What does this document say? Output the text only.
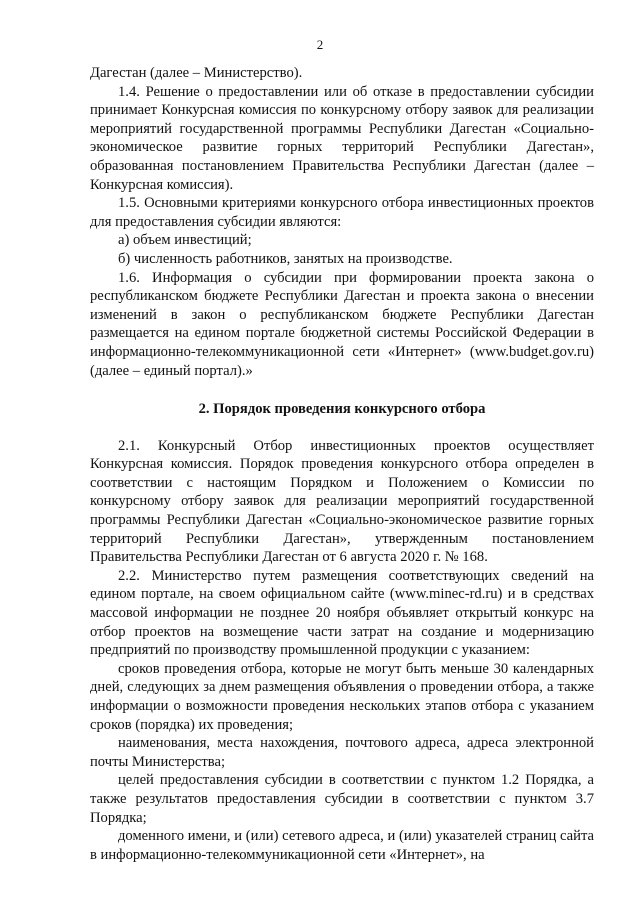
2

Дагестан (далее – Министерство).

1.4. Решение о предоставлении или об отказе в предоставлении субсидии принимает Конкурсная комиссия по конкурсному отбору заявок для реализации мероприятий государственной программы Республики Дагестан «Социально-экономическое развитие горных территорий Республики Дагестан», образованная постановлением Правительства Республики Дагестан (далее – Конкурсная комиссия).

1.5. Основными критериями конкурсного отбора инвестиционных проектов для предоставления субсидии являются:

а) объем инвестиций;

б) численность работников, занятых на производстве.

1.6. Информация о субсидии при формировании проекта закона о республиканском бюджете Республики Дагестан и проекта закона о внесении изменений в закон о республиканском бюджете Республики Дагестан размещается на едином портале бюджетной системы Российской Федерации в информационно-телекоммуникационной сети «Интернет» (www.budget.gov.ru) (далее – единый портал).»

2. Порядок проведения конкурсного отбора

2.1. Конкурсный Отбор инвестиционных проектов осуществляет Конкурсная комиссия. Порядок проведения конкурсного отбора определен в соответствии с настоящим Порядком и Положением о Комиссии по конкурсному отбору заявок для реализации мероприятий государственной программы Республики Дагестан «Социально-экономическое развитие горных территорий Республики Дагестан», утвержденным постановлением Правительства Республики Дагестан от 6 августа 2020 г. № 168.

2.2. Министерство путем размещения соответствующих сведений на едином портале, на своем официальном сайте (www.minec-rd.ru) и в средствах массовой информации не позднее 20 ноября объявляет открытый конкурс на отбор проектов на возмещение части затрат на создание и модернизацию предприятий по производству промышленной продукции с указанием:

сроков проведения отбора, которые не могут быть меньше 30 календарных дней, следующих за днем размещения объявления о проведении отбора, а также информации о возможности проведения нескольких этапов отбора с указанием сроков (порядка) их проведения;

наименования, места нахождения, почтового адреса, адреса электронной почты Министерства;

целей предоставления субсидии в соответствии с пунктом 1.2 Порядка, а также результатов предоставления субсидии в соответствии с пунктом 3.7 Порядка;

доменного имени, и (или) сетевого адреса, и (или) указателей страниц сайта в информационно-телекоммуникационной сети «Интернет», на
